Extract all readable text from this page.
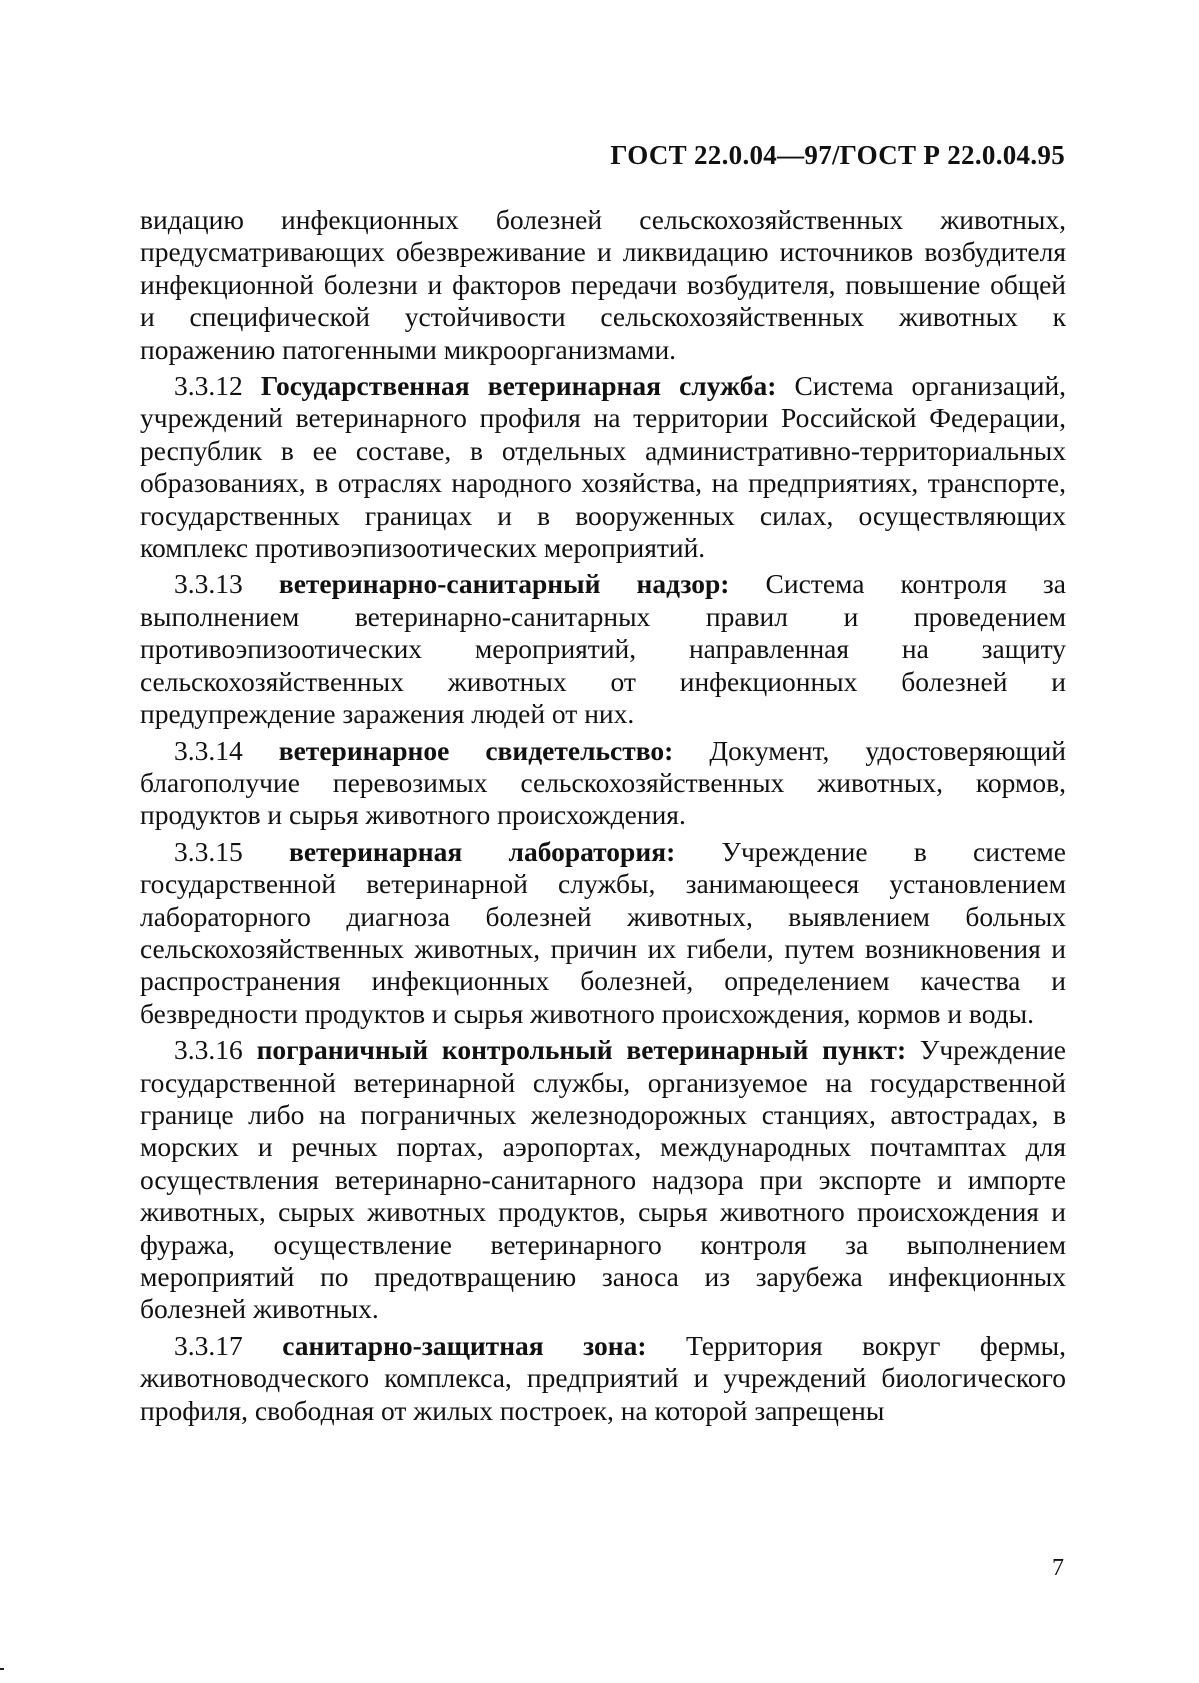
ГОСТ 22.0.04—97/ГОСТ Р 22.0.04.95

видацию инфекционных болезней сельскохозяйственных животных, предусматривающих обезвреживание и ликвидацию источников возбудителя инфекционной болезни и факторов передачи возбудителя, повышение общей и специфической устойчивости сельскохозяйственных животных к поражению патогенными микроорганизмами.

3.3.12 Государственная ветеринарная служба: Система организаций, учреждений ветеринарного профиля на территории Российской Федерации, республик в ее составе, в отдельных административно-территориальных образованиях, в отраслях народного хозяйства, на предприятиях, транспорте, государственных границах и в вооруженных силах, осуществляющих комплекс противоэпизоотических мероприятий.

3.3.13 ветеринарно-санитарный надзор: Система контроля за выполнением ветеринарно-санитарных правил и проведением противоэпизоотических мероприятий, направленная на защиту сельскохозяйственных животных от инфекционных болезней и предупреждение заражения людей от них.

3.3.14 ветеринарное свидетельство: Документ, удостоверяющий благополучие перевозимых сельскохозяйственных животных, кормов, продуктов и сырья животного происхождения.

3.3.15 ветеринарная лаборатория: Учреждение в системе государственной ветеринарной службы, занимающееся установлением лабораторного диагноза болезней животных, выявлением больных сельскохозяйственных животных, причин их гибели, путем возникновения и распространения инфекционных болезней, определением качества и безвредности продуктов и сырья животного происхождения, кормов и воды.

3.3.16 пограничный контрольный ветеринарный пункт: Учреждение государственной ветеринарной службы, организуемое на государственной границе либо на пограничных железнодорожных станциях, автострадах, в морских и речных портах, аэропортах, международных почтамптах для осуществления ветеринарно-санитарного надзора при экспорте и импорте животных, сырых животных продуктов, сырья животного происхождения и фуража, осуществление ветеринарного контроля за выполнением мероприятий по предотвращению заноса из зарубежа инфекционных болезней животных.

3.3.17 санитарно-защитная зона: Территория вокруг фермы, животноводческого комплекса, предприятий и учреждений биологического профиля, свободная от жилых построек, на которой запрещены

7
